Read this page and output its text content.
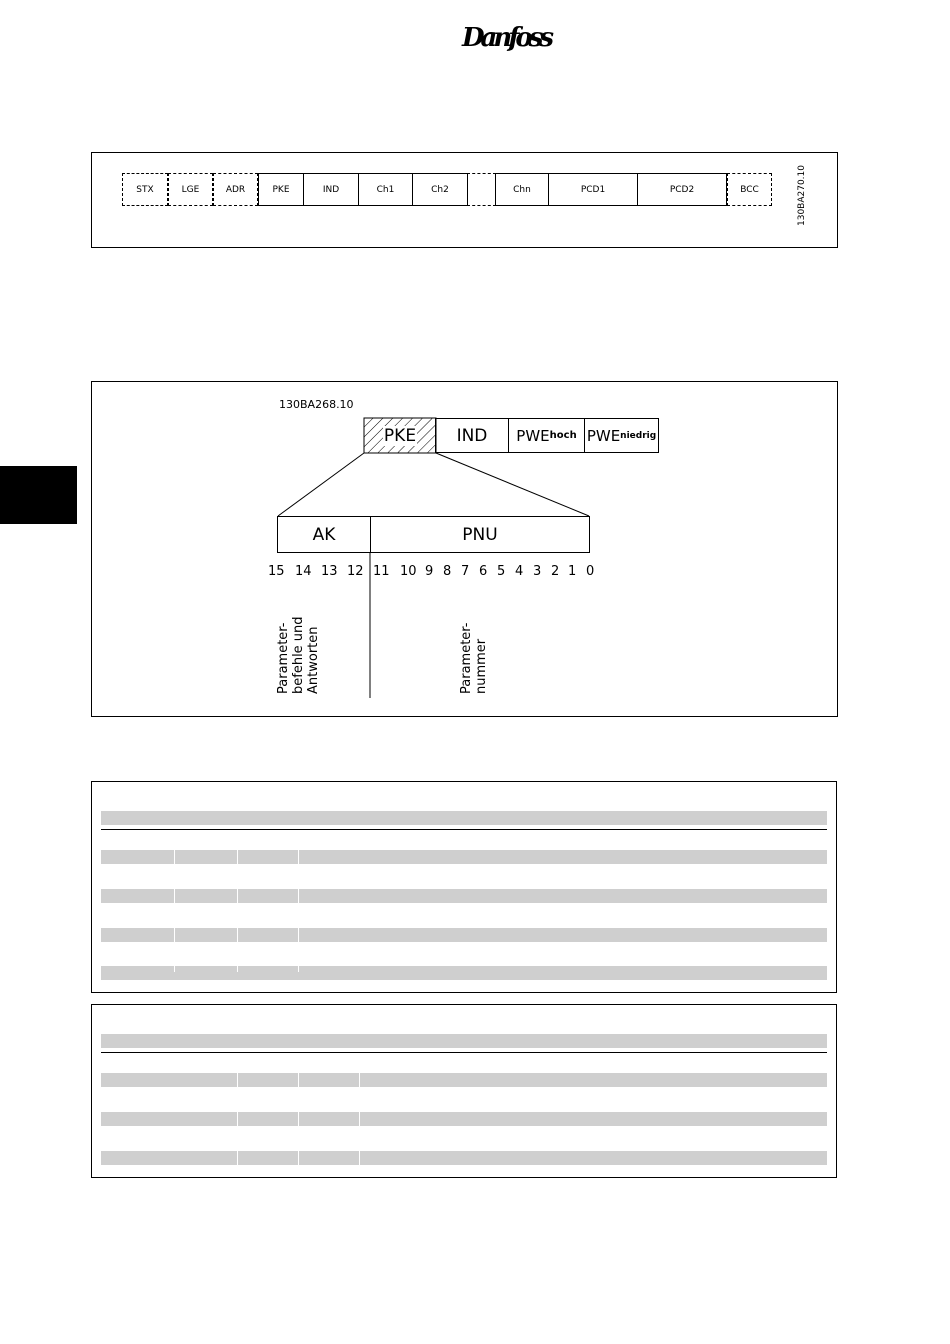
Danfoss
STX	LGE	ADR	PKE	IND	Ch1	Ch2	Chn	PCD1	PCD2	BCC	130BA270.10
130BA268.10
PKE IND PWE hoch PWE niedrig
AK	PNU
15 14 13 12 11 10 9 8 7 6 5 4 3 2 1 0
Parameter-
befehle und
Antworten	Parameter-
nummer
